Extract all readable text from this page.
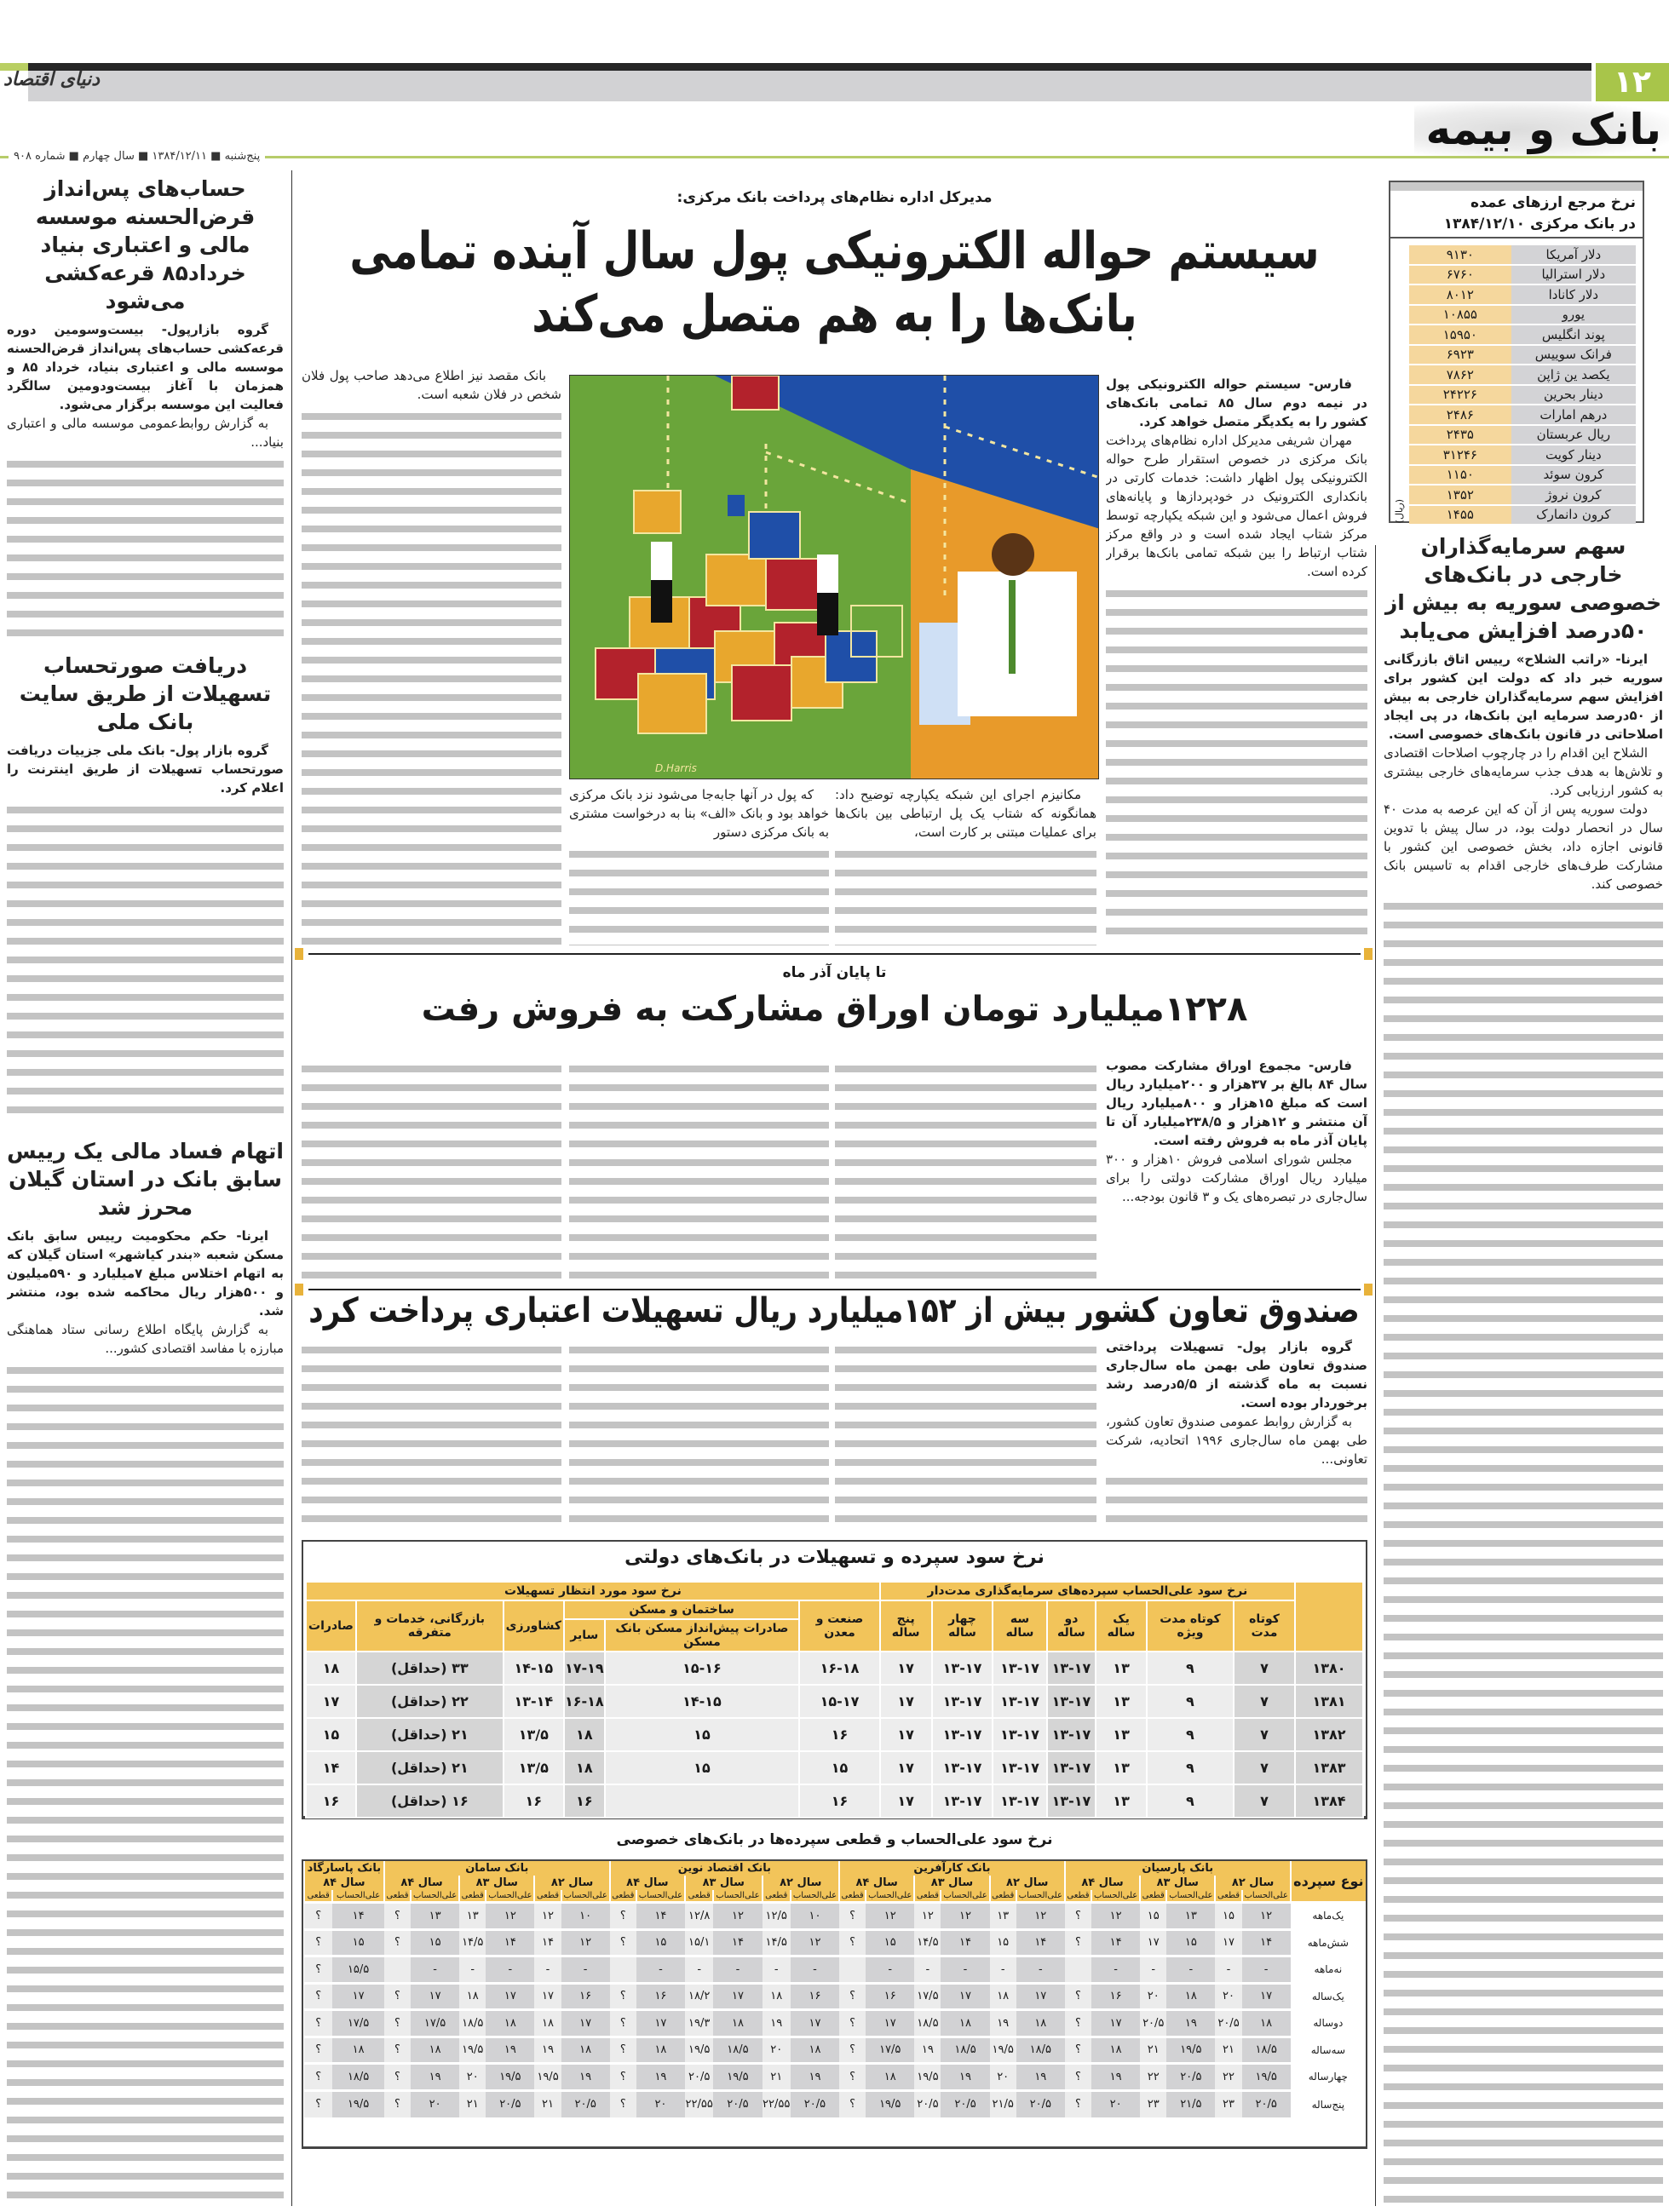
۱۲
دنیای اقتصاد
بانک و بیمه
پنج‌شنبه ■ ۱۳۸۴/۱۲/۱۱ ■ سال چهارم ■ شماره ۹۰۸
حساب‌های پس‌انداز قرض‌الحسنه موسسه مالی و اعتباری بنیاد خرداد۸۵ قرعه‌کشی می‌شود

گروه بازارپول- بیست‌وسومین دوره قرعه‌کشی حساب‌های پس‌انداز قرض‌الحسنه موسسه مالی و اعتباری بنیاد، خرداد ۸۵ و همزمان با آغاز بیست‌ودومین سالگرد فعالیت این موسسه برگزار می‌شود.

به گزارش روابط‌عمومی موسسه مالی و اعتباری بنیاد...

دریافت صورتحساب تسهیلات از طریق سایت بانک ملی

گروه بازار پول- بانک ملی جزییات دریافت صورتحساب تسهیلات از طریق اینترنت را اعلام کرد.

اتهام فساد مالی یک رییس سابق بانک در استان گیلان محرز شد

ایرنا- حکم محکومیت رییس سابق بانک مسکن شعبه «بندر کیاشهر» استان گیلان که به اتهام اختلاس مبلغ ۷میلیارد و ۵۹۰میلیون و ۵۰۰هزار ریال محاکمه شده بود، منتشر شد.

به گزارش پایگاه اطلاع رسانی ستاد هماهنگی مبارزه با مفاسد اقتصادی کشور...

نرخ مرجع ارزهای عمده
در بانک مرکزی ۱۳۸۴/۱۲/۱۰
دلار آمریکا	۹۱۳۰
دلار استرالیا	۶۷۶۰
دلار کانادا	۸۰۱۲
یورو	۱۰۸۵۵
پوند انگلیس	۱۵۹۵۰
فرانک سوییس	۶۹۲۳
یکصد ین ژاپن	۷۸۶۲
دینار بحرین	۲۴۲۲۶
درهم امارات	۲۴۸۶
ریال عربستان	۲۴۳۵
دینار کویت	۳۱۲۴۶
کرون سوئد	۱۱۵۰
کرون نروژ	۱۳۵۲
کرون دانمارک	۱۴۵۵
(ریال)
سهم سرمایه‌گذاران خارجی در بانک‌های خصوصی سوریه به بیش از ۵۰درصد افزایش می‌یابد

ایرنا- «راتب الشلاح» رییس اتاق بازرگانی سوریه خبر داد که دولت این کشور برای افزایش سهم سرمایه‌گذاران خارجی به بیش از ۵۰درصد سرمایه این بانک‌ها، در پی ایجاد اصلاحاتی در قانون بانک‌های خصوصی است.

الشلاح این اقدام را در چارچوب اصلاحات اقتصادی و تلاش‌ها به هدف جذب سرمایه‌های خارجی بیشتری به کشور ارزیابی کرد.

دولت سوریه پس از آن که این عرصه به مدت ۴۰ سال در انحصار دولت بود، در سال پیش با تدوین قانونی اجازه داد، بخش خصوصی این کشور با مشارکت طرف‌های خارجی اقدام به تاسیس بانک خصوصی کند.

مدیرکل اداره نظام‌های پرداخت بانک مرکزی:
سیستم حواله الکترونیکی پول سال آینده تمامی بانک‌ها را به هم متصل می‌کند

فارس- سیستم حواله الکترونیکی پول در نیمه دوم سال ۸۵ تمامی بانک‌های کشور را به یکدیگر متصل خواهد کرد.

مهران شریفی مدیرکل اداره نظام‌های پرداخت بانک مرکزی در خصوص استقرار طرح حواله الکترونیکی پول اظهار داشت: خدمات کارتی در بانکداری الکترونیک در خودپردازها و پایانه‌های فروش اعمال می‌شود و این شبکه یکپارچه توسط مرکز شتاب ایجاد شده است و در واقع مرکز شتاب ارتباط را بین شبکه تمامی بانک‌ها برقرار کرده است.

D.Harris

مکانیزم اجرای این شبکه یکپارچه توضیح داد: همانگونه که شتاب یک پل ارتباطی بین بانک‌ها برای عملیات مبتنی بر کارت است،

که پول در آنها جابه‌جا می‌شود نزد بانک مرکزی خواهد بود و بانک «الف» بنا به درخواست مشتری به بانک مرکزی دستور

بانک مقصد نیز اطلاع می‌دهد صاحب پول فلان شخص در فلان شعبه است.

تا پایان آذر ماه
۱۲۲۸میلیارد تومان اوراق مشارکت به فروش رفت

فارس- مجموع اوراق مشارکت مصوب سال ۸۴ بالغ بر ۳۷هزار و ۲۰۰میلیارد ریال است که مبلغ ۱۵هزار و ۸۰۰میلیارد ریال آن منتشر و ۱۲هزار و ۲۳۸/۵میلیارد آن تا پایان آذر ماه به فروش رفته است.

مجلس شورای اسلامی فروش ۱۰هزار و ۳۰۰ میلیارد ریال اوراق مشارکت دولتی را برای سال‌جاری در تبصره‌های یک و ۳ قانون بودجه...

صندوق تعاون کشور بیش از ۱۵۲میلیارد ریال تسهیلات اعتباری پرداخت کرد

گروه بازار پول- تسهیلات پرداختی صندوق تعاون طی بهمن ماه سال‌جاری نسبت به ماه گذشته از ۵/۵درصد رشد برخوردار بوده است.

به گزارش روابط عمومی صندوق تعاون کشور، طی بهمن ماه سال‌جاری ۱۹۹۶ اتحادیه، شرکت تعاونی...

نرخ سود سپرده و تسهیلات در بانک‌های دولتی
	نرخ سود علی‌الحساب سپرده‌های سرمایه‌گذاری مدت‌دار							نرخ سود مورد انتظار تسهیلات					
	کوتاه مدت	کوتاه مدت ویژه	یک ساله	دو ساله	سه ساله	چهار ساله	پنج ساله	صنعت و معدن	ساختمان و مسکن		کشاورزی	بازرگانی، خدمات و متفرقه	صادرات
									صادرات پیش‌انداز مسکن بانک مسکن	سایر			
۱۳۸۰	۷	۹	۱۳	۱۳-۱۷	۱۳-۱۷	۱۳-۱۷	۱۷	۱۶-۱۸	۱۵-۱۶	۱۷-۱۹	۱۴-۱۵	۳۳ (حداقل)	۱۸
۱۳۸۱	۷	۹	۱۳	۱۳-۱۷	۱۳-۱۷	۱۳-۱۷	۱۷	۱۵-۱۷	۱۴-۱۵	۱۶-۱۸	۱۳-۱۴	۲۲ (حداقل)	۱۷
۱۳۸۲	۷	۹	۱۳	۱۳-۱۷	۱۳-۱۷	۱۳-۱۷	۱۷	۱۶	۱۵	۱۸	۱۳/۵	۲۱ (حداقل)	۱۵
۱۳۸۳	۷	۹	۱۳	۱۳-۱۷	۱۳-۱۷	۱۳-۱۷	۱۷	۱۵	۱۵	۱۸	۱۳/۵	۲۱ (حداقل)	۱۴
۱۳۸۴	۷	۹	۱۳	۱۳-۱۷	۱۳-۱۷	۱۳-۱۷	۱۷	۱۶		۱۶	۱۶	۱۶ (حداقل)	۱۶
نرخ سود علی‌الحساب و قطعی سپرده‌ها در بانک‌های خصوصی
نوع سپرده	بانک پارسیان						بانک کارآفرین						بانک اقتصاد نوین						بانک سامان						بانک پاسارگاد	
	سال ۸۲		سال ۸۳		سال ۸۴		سال ۸۲		سال ۸۳		سال ۸۴		سال ۸۲		سال ۸۳		سال ۸۴		سال ۸۲		سال ۸۳		سال ۸۴		سال ۸۴	
	علی‌الحساب	قطعی	علی‌الحساب	قطعی	علی‌الحساب	قطعی	علی‌الحساب	قطعی	علی‌الحساب	قطعی	علی‌الحساب	قطعی	علی‌الحساب	قطعی	علی‌الحساب	قطعی	علی‌الحساب	قطعی	علی‌الحساب	قطعی	علی‌الحساب	قطعی	علی‌الحساب	قطعی	علی‌الحساب	قطعی
یک‌ماهه	۱۲	۱۵	۱۳	۱۵	۱۲	؟	۱۲	۱۳	۱۲	۱۲	۱۲	؟	۱۰	۱۲/۵	۱۲	۱۲/۸	۱۴	؟	۱۰	۱۲	۱۲	۱۳	۱۳	؟	۱۴	؟
شش‌ماهه	۱۴	۱۷	۱۵	۱۷	۱۴	؟	۱۴	۱۵	۱۴	۱۴/۵	۱۵	؟	۱۲	۱۴/۵	۱۴	۱۵/۱	۱۵	؟	۱۲	۱۴	۱۴	۱۴/۵	۱۵	؟	۱۵	؟
نه‌ماهه	-	-	-	-	-		-	-	-	-	-		-	-	-	-	-		-	-	-	-	-		۱۵/۵	؟
یک‌ساله	۱۷	۲۰	۱۸	۲۰	۱۶	؟	۱۷	۱۸	۱۷	۱۷/۵	۱۶	؟	۱۶	۱۸	۱۷	۱۸/۲	۱۶	؟	۱۶	۱۷	۱۷	۱۸	۱۷	؟	۱۷	؟
دوساله	۱۸	۲۰/۵	۱۹	۲۰/۵	۱۷	؟	۱۸	۱۹	۱۸	۱۸/۵	۱۷	؟	۱۷	۱۹	۱۸	۱۹/۳	۱۷	؟	۱۷	۱۸	۱۸	۱۸/۵	۱۷/۵	؟	۱۷/۵	؟
سه‌ساله	۱۸/۵	۲۱	۱۹/۵	۲۱	۱۸	؟	۱۸/۵	۱۹/۵	۱۸/۵	۱۹	۱۷/۵	؟	۱۸	۲۰	۱۸/۵	۱۹/۵	۱۸	؟	۱۸	۱۹	۱۹	۱۹/۵	۱۸	؟	۱۸	؟
چهارساله	۱۹/۵	۲۲	۲۰/۵	۲۲	۱۹	؟	۱۹	۲۰	۱۹	۱۹/۵	۱۸	؟	۱۹	۲۱	۱۹/۵	۲۰/۵	۱۹	؟	۱۹	۱۹/۵	۱۹/۵	۲۰	۱۹	؟	۱۸/۵	؟
پنج‌ساله	۲۰/۵	۲۳	۲۱/۵	۲۳	۲۰	؟	۲۰/۵	۲۱/۵	۲۰/۵	۲۰/۵	۱۹/۵	؟	۲۰/۵	۲۲/۵۵	۲۰/۵	۲۲/۵۵	۲۰	؟	۲۰/۵	۲۱	۲۰/۵	۲۱	۲۰	؟	۱۹/۵	؟
